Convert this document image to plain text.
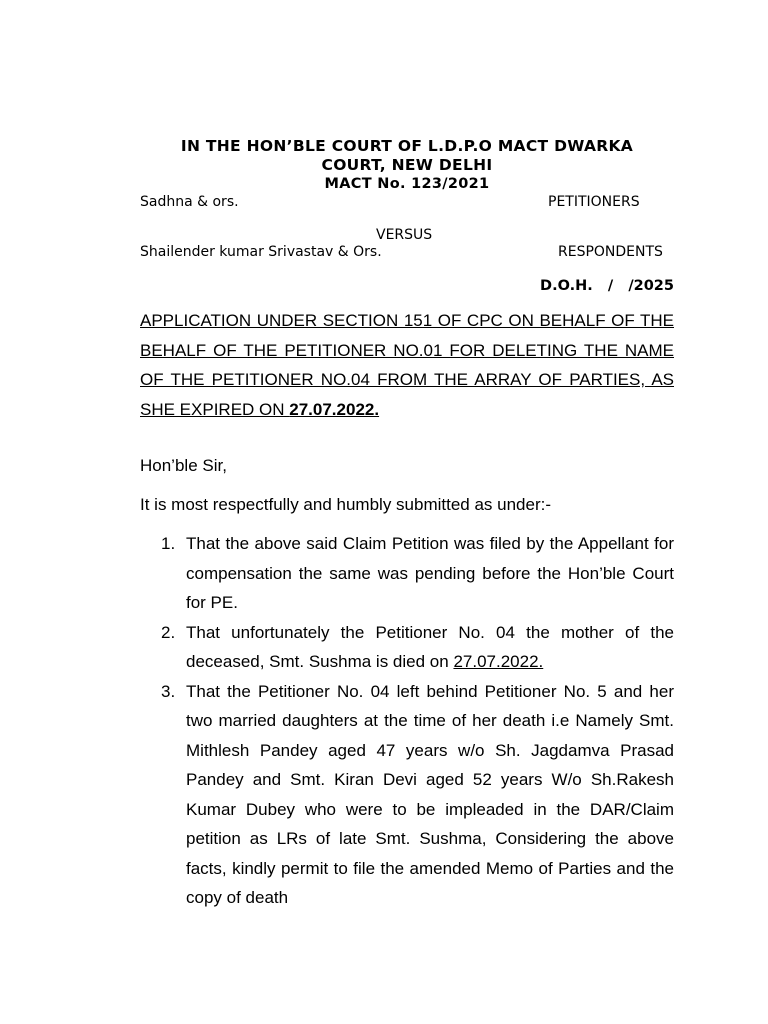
IN THE HON’BLE COURT OF L.D.P.O MACT DWARKA
COURT, NEW DELHI
MACT No. 123/2021
Sadhna & ors.	PETITIONERS
VERSUS
Shailender kumar Srivastav & Ors.	RESPONDENTS
D.O.H.   /   /2025

APPLICATION UNDER SECTION 151 OF CPC ON BEHALF OF THE BEHALF OF THE PETITIONER NO.01 FOR DELETING THE NAME OF THE PETITIONER NO.04 FROM THE ARRAY OF PARTIES, AS SHE EXPIRED ON 27.07.2022.

Hon’ble Sir,

It is most respectfully and humbly submitted as under:-

1. That the above said Claim Petition was filed by the Appellant for compensation the same was pending before the Hon’ble Court for PE.
2. That unfortunately the Petitioner No. 04 the mother of the deceased, Smt. Sushma is died on 27.07.2022.
3. That the Petitioner No. 04 left behind Petitioner No. 5 and her two married daughters at the time of her death i.e Namely Smt. Mithlesh Pandey aged 47 years w/o Sh. Jagdamva Prasad Pandey and Smt. Kiran Devi aged 52 years W/o Sh.Rakesh Kumar Dubey who were to be impleaded in the DAR/Claim petition as LRs of late Smt. Sushma, Considering the above facts, kindly permit to file the amended Memo of Parties and the copy of death
